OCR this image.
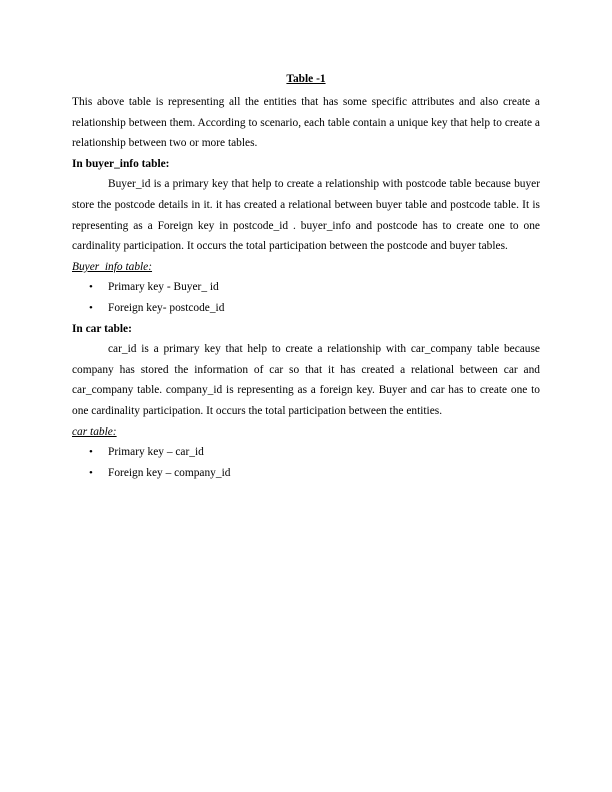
Table -1

This above table is representing all the entities that has some specific attributes and also create a relationship between them. According to scenario, each table contain a unique key that help to create a relationship between two or more tables.

In buyer_info table:

Buyer_id is a primary key that help to create a relationship with postcode table because buyer store the postcode details in it. it has created a relational between buyer table and postcode table. It is representing as a Foreign key in postcode_id . buyer_info and postcode has to create one to one cardinality participation. It occurs the total participation between the postcode and buyer tables.

Buyer_info table:

• Primary key - Buyer_ id
• Foreign key- postcode_id
In car table:

car_id is a primary key that help to create a relationship with car_company table because company has stored the information of car so that it has created a relational between car and car_company table. company_id is representing as a foreign key. Buyer and car has to create one to one cardinality participation. It occurs the total participation between the entities.

car table:

• Primary key – car_id
• Foreign key – company_id
